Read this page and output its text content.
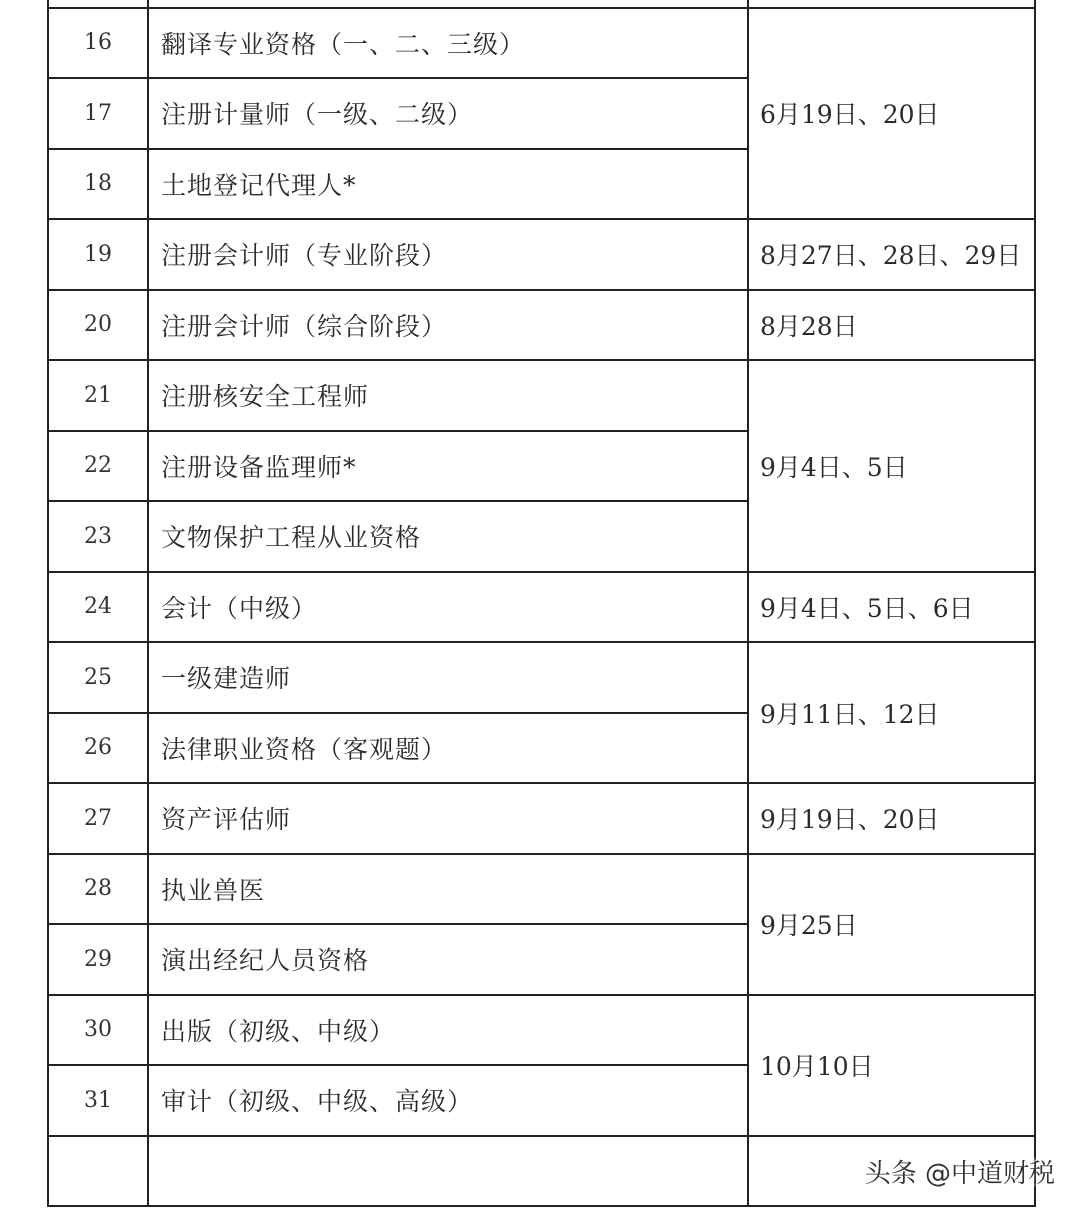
16	翻译专业资格（一、二、三级）	6月19日、20日
17	注册计量师（一级、二级）	
18	土地登记代理人*	
19	注册会计师（专业阶段）	8月27日、28日、29日
20	注册会计师（综合阶段）	8月28日
21	注册核安全工程师	9月4日、5日
22	注册设备监理师*	
23	文物保护工程从业资格	
24	会计（中级）	9月4日、5日、6日
25	一级建造师	9月11日、12日
26	法律职业资格（客观题）	
27	资产评估师	9月19日、20日
28	执业兽医	9月25日
29	演出经纪人员资格	
30	出版（初级、中级）	10月10日
31	审计（初级、中级、高级）	

头条 @中道财税
